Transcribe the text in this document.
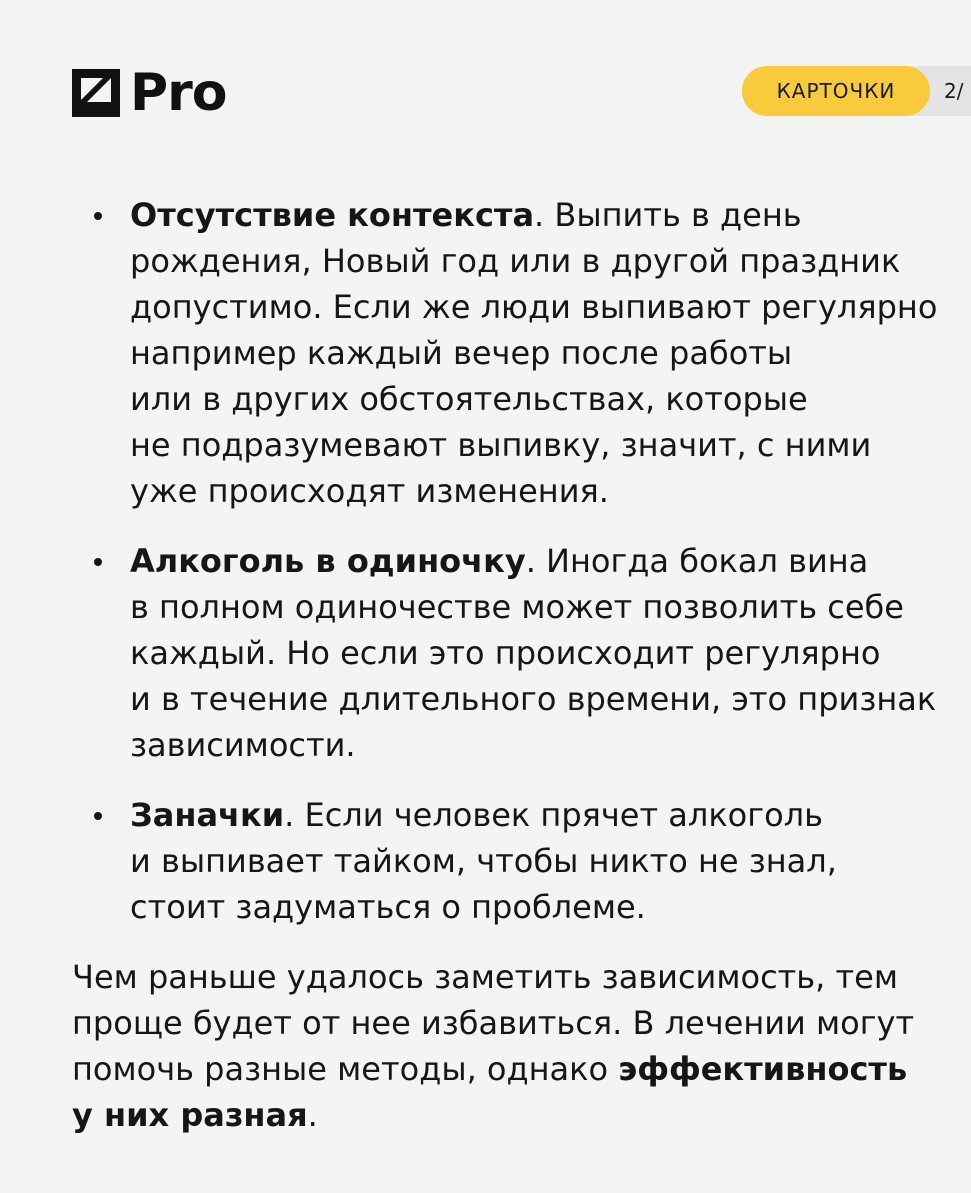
Pro	КАРТОЧКИ	2/
Отсутствие контекста. Выпить в день
рождения, Новый год или в другой праздник
допустимо. Если же люди выпивают регулярно
например каждый вечер после работы
или в других обстоятельствах, которые
не подразумевают выпивку, значит, с ними
уже происходят изменения.
Алкоголь в одиночку. Иногда бокал вина
в полном одиночестве может позволить себе
каждый. Но если это происходит регулярно
и в течение длительного времени, это признак
зависимости.
Заначки. Если человек прячет алкоголь
и выпивает тайком, чтобы никто не знал,
стоит задуматься о проблеме.
Чем раньше удалось заметить зависимость, тем
проще будет от нее избавиться. В лечении могут
помочь разные методы, однако эффективность
у них разная.
